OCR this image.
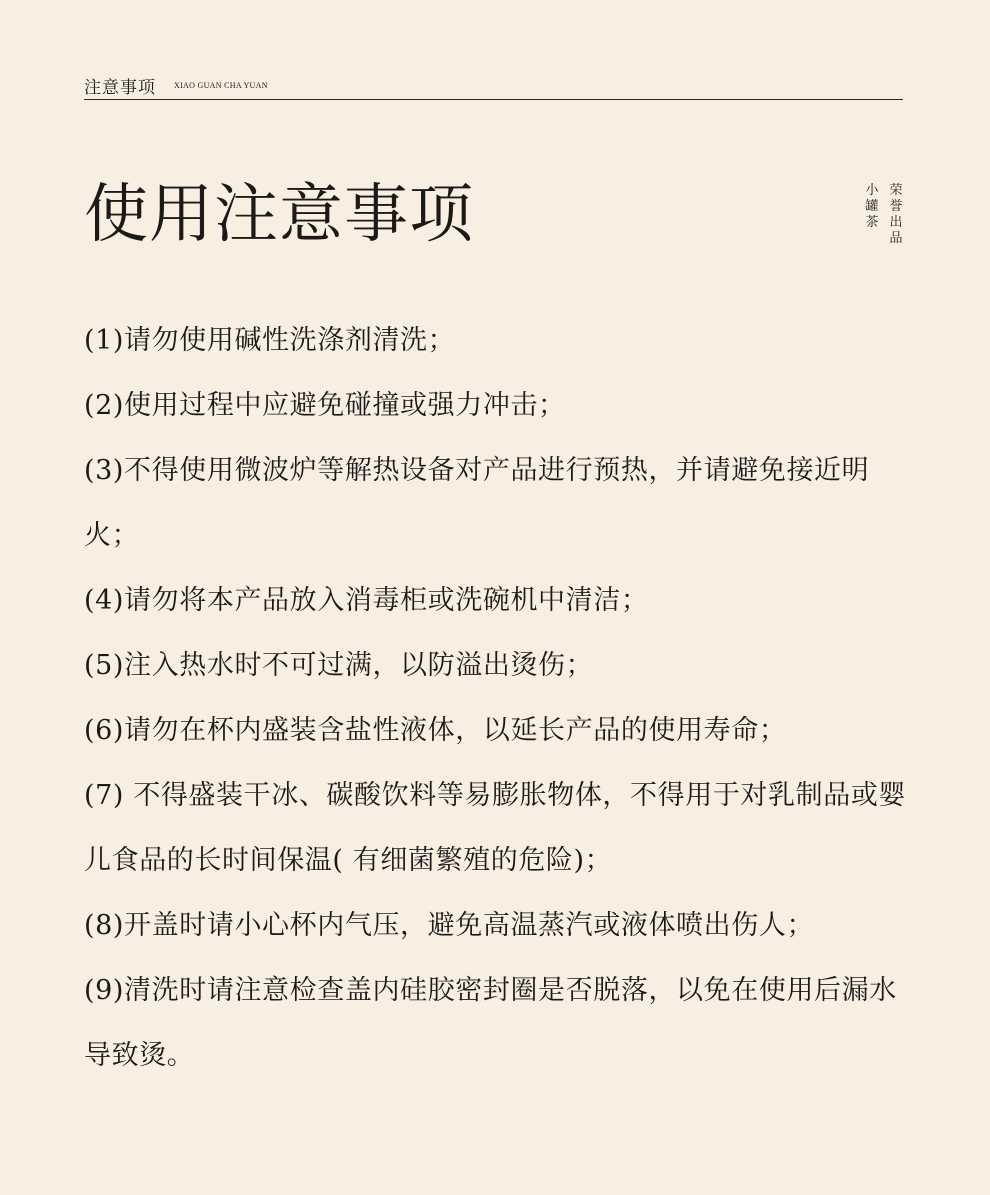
注意事项 XIAO GUAN CHA YUAN
使用注意事项	小罐茶
荣誉出品
(1)请勿使用碱性洗涤剂清洗；
(2)使用过程中应避免碰撞或强力冲击；
(3)不得使用微波炉等解热设备对产品进行预热，并请避免接近明火；
(4)请勿将本产品放入消毒柜或洗碗机中清洁；
(5)注入热水时不可过满，以防溢出烫伤；
(6)请勿在杯内盛装含盐性液体，以延长产品的使用寿命；
(7) 不得盛装干冰、碳酸饮料等易膨胀物体，不得用于对乳制品或婴儿食品的长时间保温( 有细菌繁殖的危险)；
(8)开盖时请小心杯内气压，避免高温蒸汽或液体喷出伤人；
(9)清洗时请注意检查盖内硅胶密封圈是否脱落，以免在使用后漏水导致烫。
